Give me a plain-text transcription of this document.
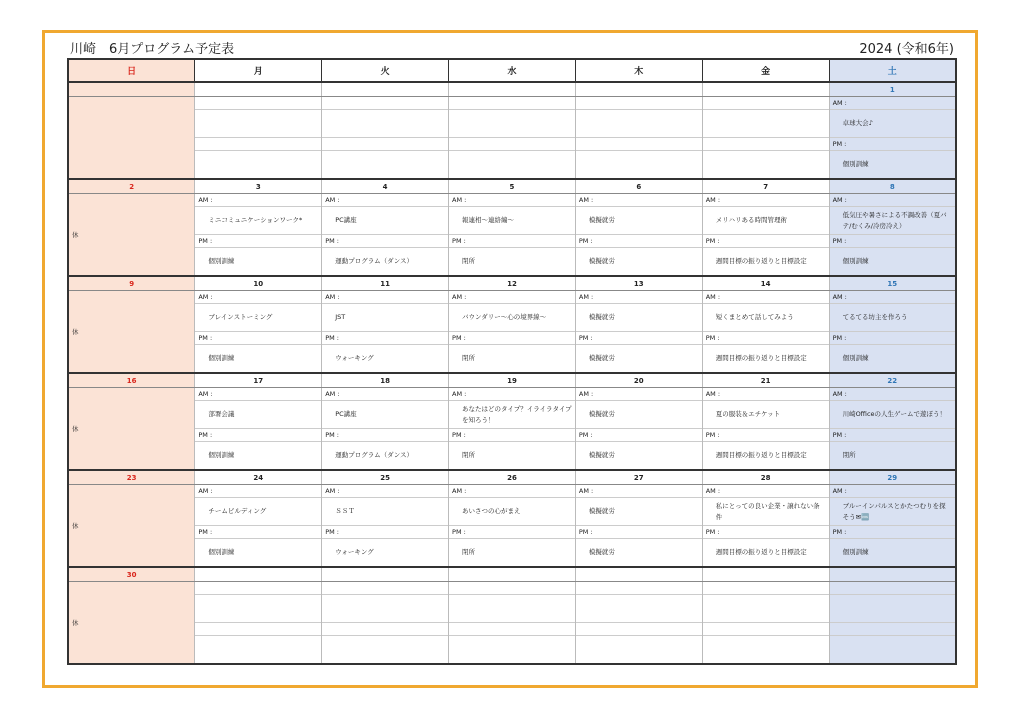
川崎　6月プログラム予定表	2024 (令和6年)
日	月	火	水	木	金	土
						1
						AM :

						卓球大会♪

						PM :

						個別訓練

2	3	4	5	6	7	8
休	AM :	AM :	AM :	AM :	AM :	AM :

	ミニコミュニケーションワーク*	PC講座	報連相～連絡編～	模擬就労	メリハリある時間管理術	低気圧や暑さによる不調改善（夏バテ/むくみ/冷房冷え）

	PM :	PM :	PM :	PM :	PM :	PM :

	個別訓練	運動プログラム（ダンス）	閉所	模擬就労	週間目標の振り返りと目標設定	個別訓練

9	10	11	12	13	14	15
休	AM :	AM :	AM :	AM :	AM :	AM :

	ブレインストーミング	JST	バウンダリー～心の境界線～	模擬就労	短くまとめて話してみよう	てるてる坊主を作ろう

	PM :	PM :	PM :	PM :	PM :	PM :

	個別訓練	ウォーキング	閉所	模擬就労	週間目標の振り返りと目標設定	個別訓練

16	17	18	19	20	21	22
休	AM :	AM :	AM :	AM :	AM :	AM :

	部署会議	PC講座	あなたはどのタイプ？イライラタイプを知ろう！	模擬就労	夏の服装＆エチケット	川崎Officeの人生ゲームで遊ぼう！

	PM :	PM :	PM :	PM :	PM :	PM :

	個別訓練	運動プログラム（ダンス）	閉所	模擬就労	週間目標の振り返りと目標設定	閉所

23	24	25	26	27	28	29
休	AM :	AM :	AM :	AM :	AM :	AM :

	チームビルディング	ＳＳＴ	あいさつの心がまえ	模擬就労	私にとっての良い企業・譲れない条件	ブルーインパルスとかたつむりを探そう✉🆒

	PM :	PM :	PM :	PM :	PM :	PM :

	個別訓練	ウォーキング	閉所	模擬就労	週間目標の振り返りと目標設定	個別訓練

30						
休						
